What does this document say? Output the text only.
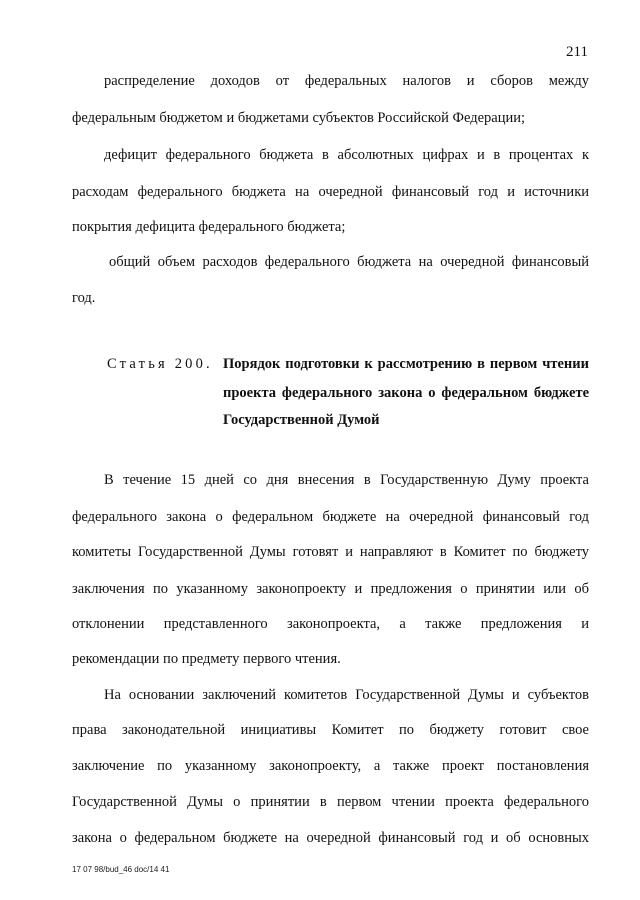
211
распределение доходов от федеральных налогов и сборов между
федеральным бюджетом и бюджетами субъектов Российской Федерации;
дефицит федерального бюджета в абсолютных цифрах и в процентах к
расходам федерального бюджета на очередной финансовый год и источники
покрытия дефицита федерального бюджета;
общий объем расходов федерального бюджета на очередной финансовый
год.
Статья 200. Порядок подготовки к рассмотрению в первом чтении
проекта федерального закона о федеральном бюджете
Государственной Думой
В течение 15 дней со дня внесения в Государственную Думу проекта
федерального закона о федеральном бюджете на очередной финансовый год
комитеты Государственной Думы готовят и направляют в Комитет по бюджету
заключения по указанному законопроекту и предложения о принятии или об
отклонении представленного законопроекта, а также предложения и
рекомендации по предмету первого чтения.
На основании заключений комитетов Государственной Думы и субъектов
права законодательной инициативы Комитет по бюджету готовит свое
заключение по указанному законопроекту, а также проект постановления
Государственной Думы о принятии в первом чтении проекта федерального
закона о федеральном бюджете на очередной финансовый год и об основных
17 07 98/bud_46 doc/14 41
